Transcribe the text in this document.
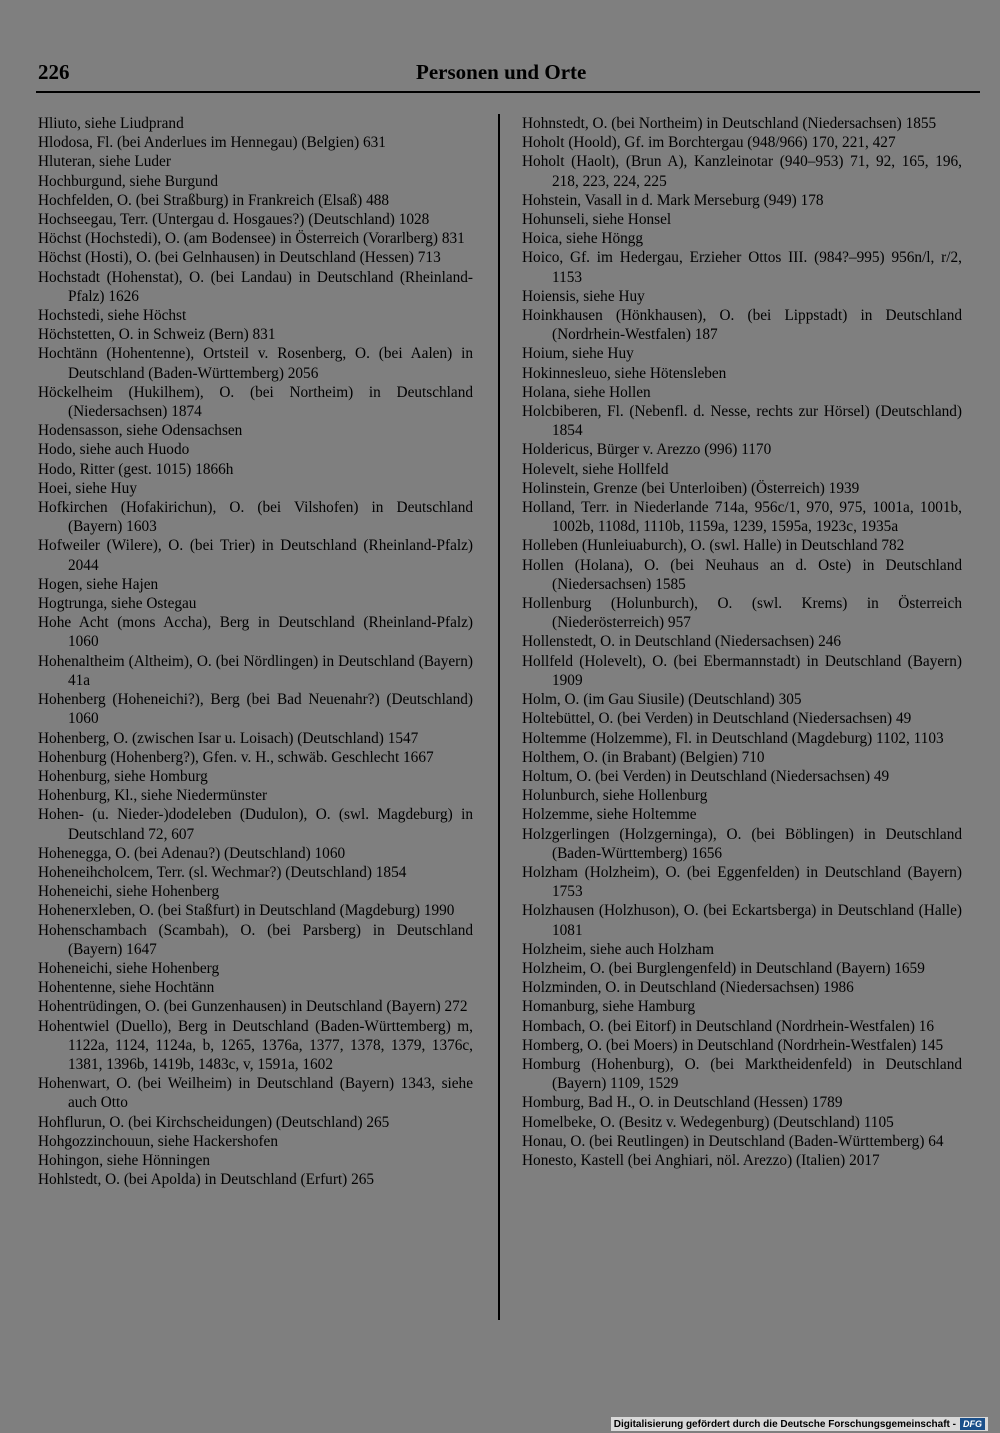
226	Personen und Orte
Hliuto, siehe Liudprand
Hlodosa, Fl. (bei Anderlues im Hennegau) (Belgien) 631
Hluteran, siehe Luder
Hochburgund, siehe Burgund
Hochfelden, O. (bei Straßburg) in Frankreich (Elsaß) 488
Hochseegau, Terr. (Untergau d. Hosgaues?) (Deutschland) 1028
Höchst (Hochstedi), O. (am Bodensee) in Österreich (Vorarlberg) 831
Höchst (Hosti), O. (bei Gelnhausen) in Deutschland (Hessen) 713
Hochstadt (Hohenstat), O. (bei Landau) in Deutschland (Rheinland-Pfalz) 1626
Hochstedi, siehe Höchst
Höchstetten, O. in Schweiz (Bern) 831
Hochtänn (Hohentenne), Ortsteil v. Rosenberg, O. (bei Aalen) in Deutschland (Baden-Württemberg) 2056
Höckelheim (Hukilhem), O. (bei Northeim) in Deutschland (Niedersachsen) 1874
Hodensasson, siehe Odensachsen
Hodo, siehe auch Huodo
Hodo, Ritter (gest. 1015) 1866h
Hoei, siehe Huy
Hofkirchen (Hofakirichun), O. (bei Vilshofen) in Deutschland (Bayern) 1603
Hofweiler (Wilere), O. (bei Trier) in Deutschland (Rheinland-Pfalz) 2044
Hogen, siehe Hajen
Hogtrunga, siehe Ostegau
Hohe Acht (mons Accha), Berg in Deutschland (Rheinland-Pfalz) 1060
Hohenaltheim (Altheim), O. (bei Nördlingen) in Deutschland (Bayern) 41a
Hohenberg (Hoheneichi?), Berg (bei Bad Neuenahr?) (Deutschland) 1060
Hohenberg, O. (zwischen Isar u. Loisach) (Deutschland) 1547
Hohenburg (Hohenberg?), Gfen. v. H., schwäb. Geschlecht 1667
Hohenburg, siehe Homburg
Hohenburg, Kl., siehe Niedermünster
Hohen- (u. Nieder-)dodeleben (Dudulon), O. (swl. Magdeburg) in Deutschland 72, 607
Hohenegga, O. (bei Adenau?) (Deutschland) 1060
Hoheneihcholcem, Terr. (sl. Wechmar?) (Deutschland) 1854
Hoheneichi, siehe Hohenberg
Hohenerxleben, O. (bei Staßfurt) in Deutschland (Magdeburg) 1990
Hohenschambach (Scambah), O. (bei Parsberg) in Deutschland (Bayern) 1647
Hoheneichi, siehe Hohenberg
Hohentenne, siehe Hochtänn
Hohentrüdingen, O. (bei Gunzenhausen) in Deutschland (Bayern) 272
Hohentwiel (Duello), Berg in Deutschland (Baden-Württemberg) m, 1122a, 1124, 1124a, b, 1265, 1376a, 1377, 1378, 1379, 1376c, 1381, 1396b, 1419b, 1483c, v, 1591a, 1602
Hohenwart, O. (bei Weilheim) in Deutschland (Bayern) 1343, siehe auch Otto
Hohflurun, O. (bei Kirchscheidungen) (Deutschland) 265
Hohgozzinchouun, siehe Hackershofen
Hohingon, siehe Hönningen
Hohlstedt, O. (bei Apolda) in Deutschland (Erfurt) 265
Hohnstedt, O. (bei Northeim) in Deutschland (Niedersachsen) 1855
Hoholt (Hoold), Gf. im Borchtergau (948/966) 170, 221, 427
Hoholt (Haolt), (Brun A), Kanzleinotar (940–953) 71, 92, 165, 196, 218, 223, 224, 225
Hohstein, Vasall in d. Mark Merseburg (949) 178
Hohunseli, siehe Honsel
Hoica, siehe Höngg
Hoico, Gf. im Hedergau, Erzieher Ottos III. (984?–995) 956n/l, r/2, 1153
Hoiensis, siehe Huy
Hoinkhausen (Hönkhausen), O. (bei Lippstadt) in Deutschland (Nordrhein-Westfalen) 187
Hoium, siehe Huy
Hokinnesleuo, siehe Hötensleben
Holana, siehe Hollen
Holcbiberen, Fl. (Nebenfl. d. Nesse, rechts zur Hörsel) (Deutschland) 1854
Holdericus, Bürger v. Arezzo (996) 1170
Holevelt, siehe Hollfeld
Holinstein, Grenze (bei Unterloiben) (Österreich) 1939
Holland, Terr. in Niederlande 714a, 956c/1, 970, 975, 1001a, 1001b, 1002b, 1108d, 1110b, 1159a, 1239, 1595a, 1923c, 1935a
Holleben (Hunleiuaburch), O. (swl. Halle) in Deutschland 782
Hollen (Holana), O. (bei Neuhaus an d. Oste) in Deutschland (Niedersachsen) 1585
Hollenburg (Holunburch), O. (swl. Krems) in Österreich (Niederösterreich) 957
Hollenstedt, O. in Deutschland (Niedersachsen) 246
Hollfeld (Holevelt), O. (bei Ebermannstadt) in Deutschland (Bayern) 1909
Holm, O. (im Gau Siusile) (Deutschland) 305
Holtebüttel, O. (bei Verden) in Deutschland (Niedersachsen) 49
Holtemme (Holzemme), Fl. in Deutschland (Magdeburg) 1102, 1103
Holthem, O. (in Brabant) (Belgien) 710
Holtum, O. (bei Verden) in Deutschland (Niedersachsen) 49
Holunburch, siehe Hollenburg
Holzemme, siehe Holtemme
Holzgerlingen (Holzgerninga), O. (bei Böblingen) in Deutschland (Baden-Württemberg) 1656
Holzham (Holzheim), O. (bei Eggenfelden) in Deutschland (Bayern) 1753
Holzhausen (Holzhuson), O. (bei Eckartsberga) in Deutschland (Halle) 1081
Holzheim, siehe auch Holzham
Holzheim, O. (bei Burglengenfeld) in Deutschland (Bayern) 1659
Holzminden, O. in Deutschland (Niedersachsen) 1986
Homanburg, siehe Hamburg
Hombach, O. (bei Eitorf) in Deutschland (Nordrhein-Westfalen) 16
Homberg, O. (bei Moers) in Deutschland (Nordrhein-Westfalen) 145
Homburg (Hohenburg), O. (bei Marktheidenfeld) in Deutschland (Bayern) 1109, 1529
Homburg, Bad H., O. in Deutschland (Hessen) 1789
Homelbeke, O. (Besitz v. Wedegenburg) (Deutschland) 1105
Honau, O. (bei Reutlingen) in Deutschland (Baden-Württemberg) 64
Honesto, Kastell (bei Anghiari, nöl. Arezzo) (Italien) 2017
Digitalisierung gefördert durch die Deutsche Forschungsgemeinschaft - DFG
